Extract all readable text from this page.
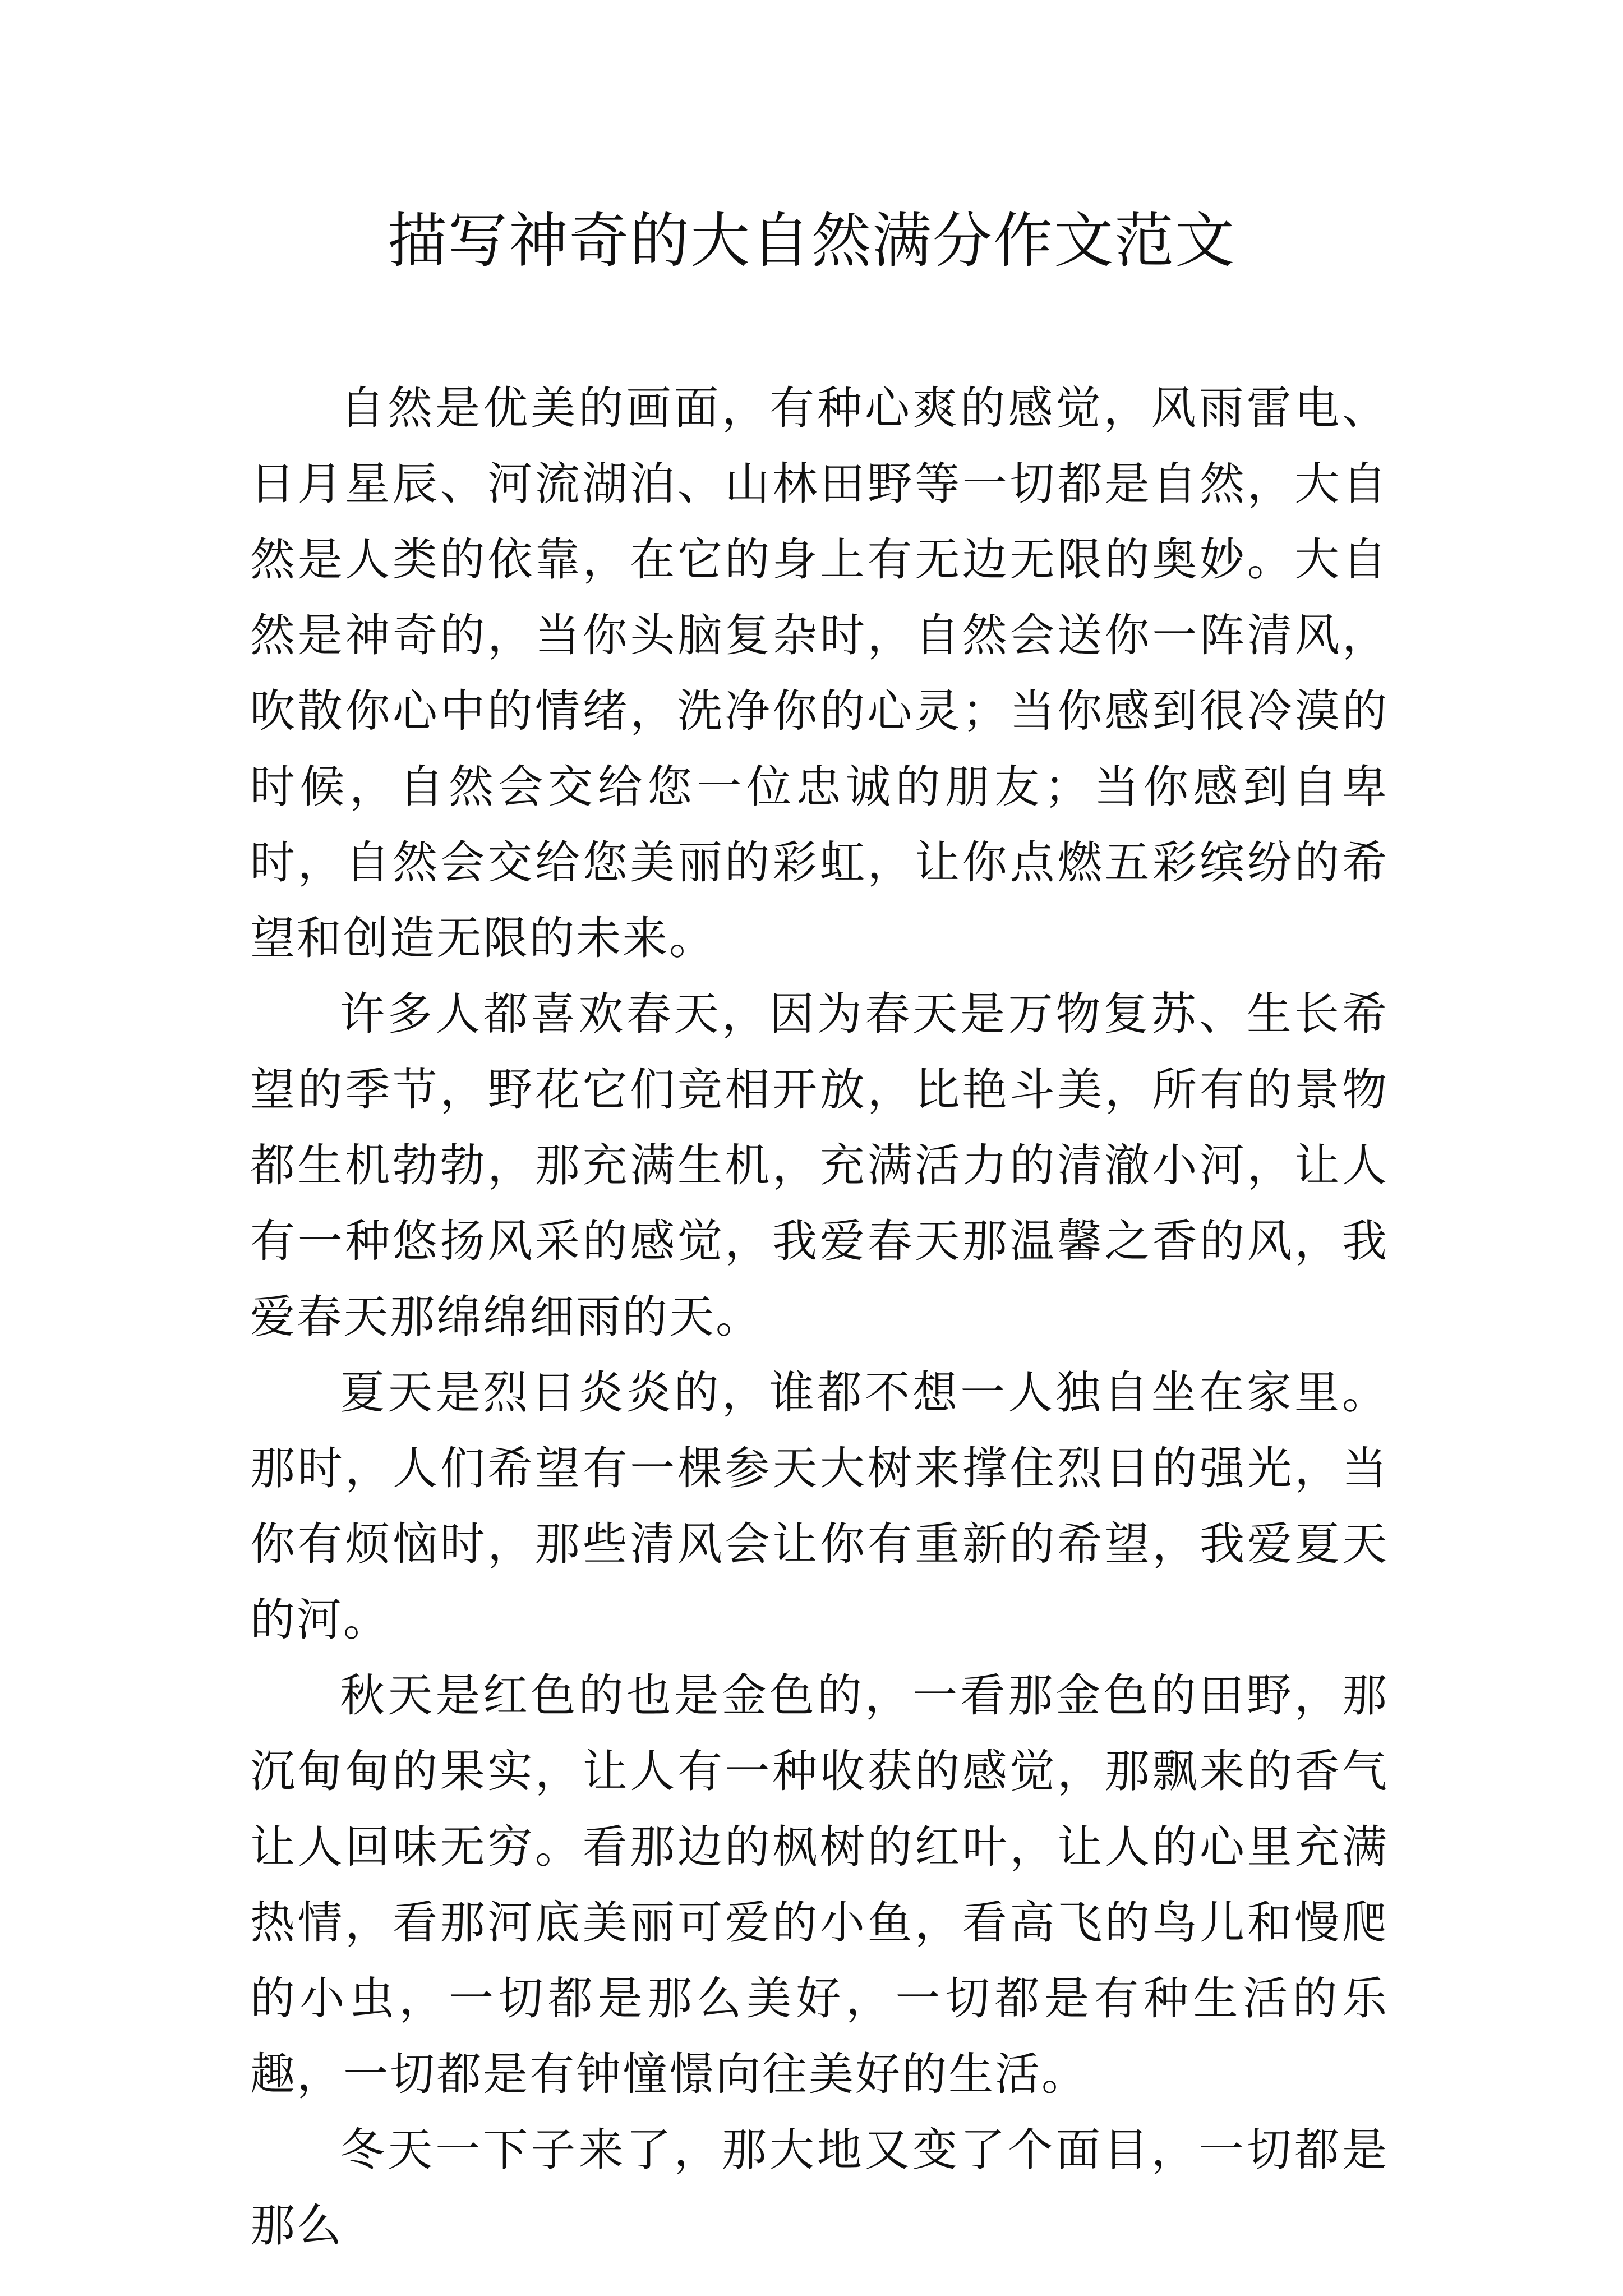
描写神奇的大自然满分作文范文

自然是优美的画面，有种心爽的感觉，风雨雷电、日月星辰、河流湖泊、山林田野等一切都是自然，大自然是人类的依靠，在它的身上有无边无限的奥妙。大自然是神奇的，当你头脑复杂时，自然会送你一阵清风，吹散你心中的情绪，洗净你的心灵；当你感到很冷漠的时候，自然会交给您一位忠诚的朋友；当你感到自卑时，自然会交给您美丽的彩虹，让你点燃五彩缤纷的希望和创造无限的未来。

许多人都喜欢春天，因为春天是万物复苏、生长希望的季节，野花它们竞相开放，比艳斗美，所有的景物都生机勃勃，那充满生机，充满活力的清澈小河，让人有一种悠扬风采的感觉，我爱春天那温馨之香的风，我爱春天那绵绵细雨的天。

夏天是烈日炎炎的，谁都不想一人独自坐在家里。那时，人们希望有一棵参天大树来撑住烈日的强光，当你有烦恼时，那些清风会让你有重新的希望，我爱夏天的河。

秋天是红色的也是金色的，一看那金色的田野，那沉甸甸的果实，让人有一种收获的感觉，那飘来的香气让人回味无穷。看那边的枫树的红叶，让人的心里充满热情，看那河底美丽可爱的小鱼，看高飞的鸟儿和慢爬的小虫，一切都是那么美好，一切都是有种生活的乐趣，一切都是有钟憧憬向往美好的生活。

冬天一下子来了，那大地又变了个面目，一切都是那么
